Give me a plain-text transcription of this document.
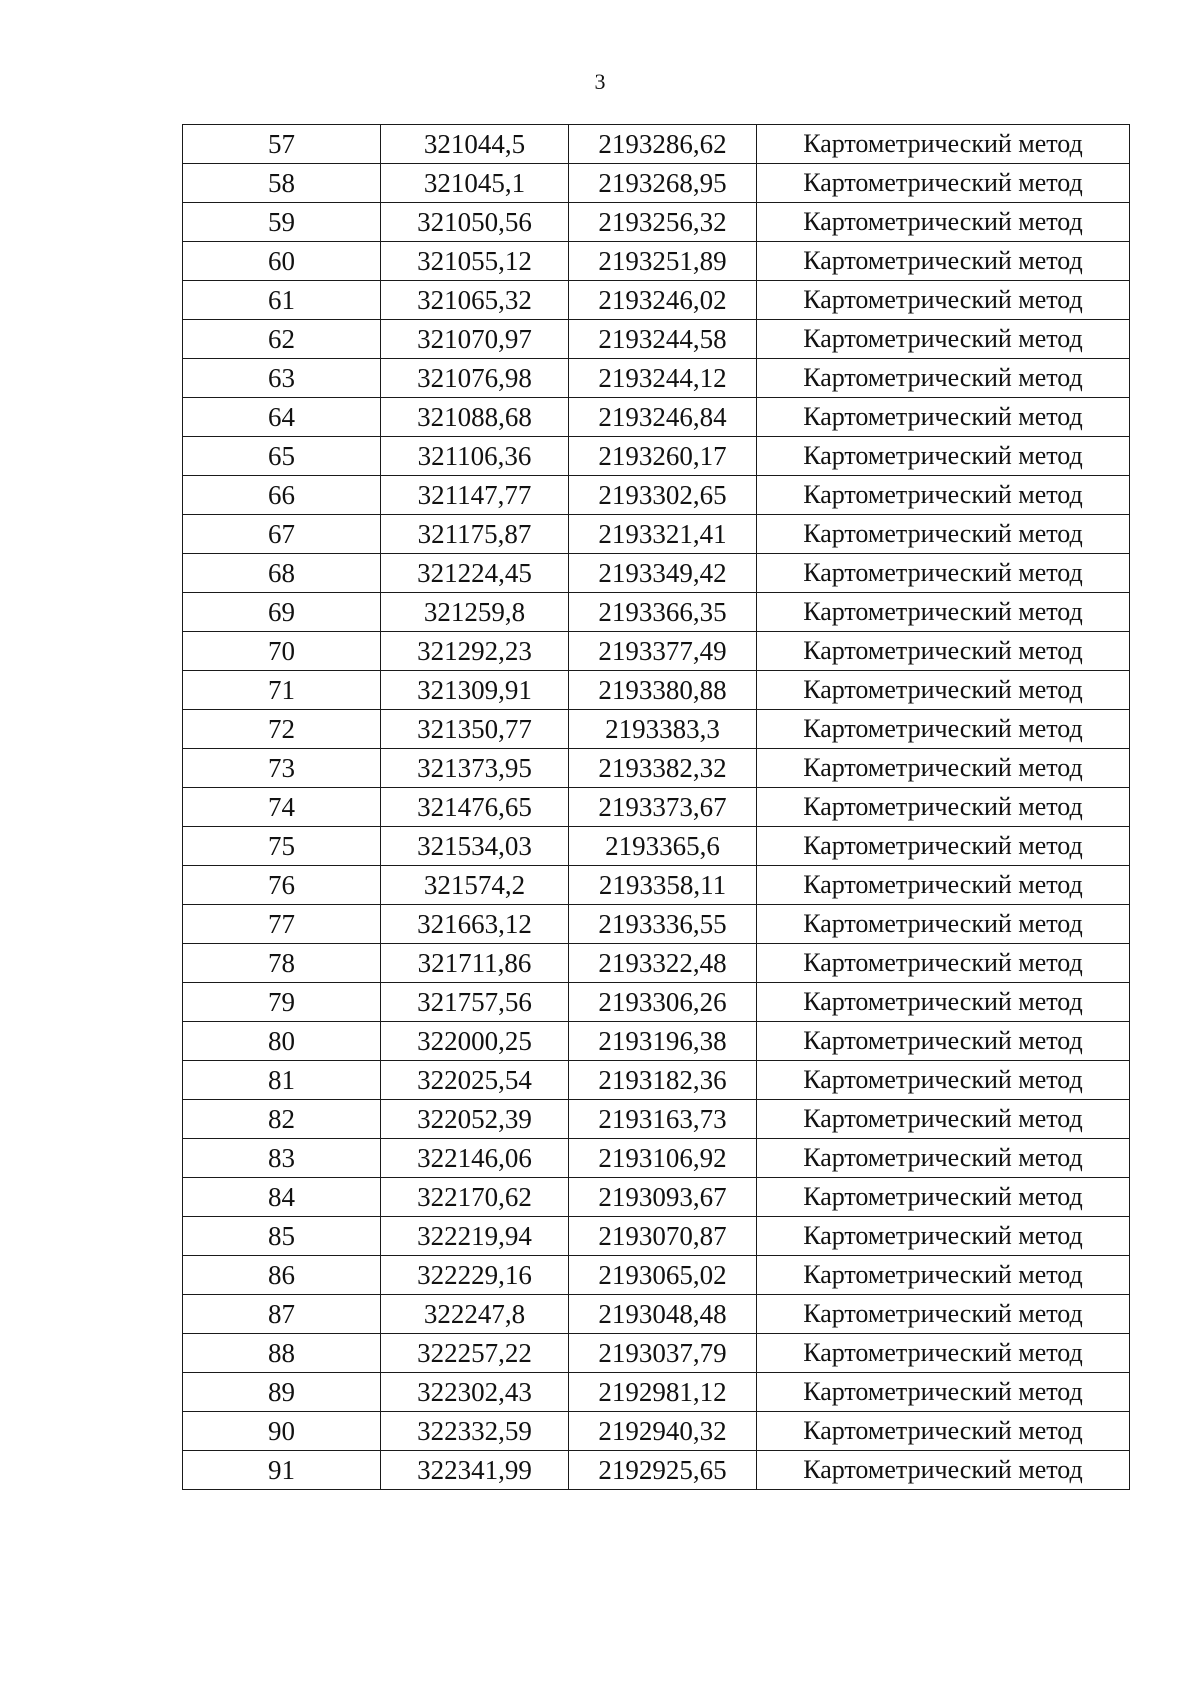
3
57	321044,5	2193286,62	Картометрический метод
58	321045,1	2193268,95	Картометрический метод
59	321050,56	2193256,32	Картометрический метод
60	321055,12	2193251,89	Картометрический метод
61	321065,32	2193246,02	Картометрический метод
62	321070,97	2193244,58	Картометрический метод
63	321076,98	2193244,12	Картометрический метод
64	321088,68	2193246,84	Картометрический метод
65	321106,36	2193260,17	Картометрический метод
66	321147,77	2193302,65	Картометрический метод
67	321175,87	2193321,41	Картометрический метод
68	321224,45	2193349,42	Картометрический метод
69	321259,8	2193366,35	Картометрический метод
70	321292,23	2193377,49	Картометрический метод
71	321309,91	2193380,88	Картометрический метод
72	321350,77	2193383,3	Картометрический метод
73	321373,95	2193382,32	Картометрический метод
74	321476,65	2193373,67	Картометрический метод
75	321534,03	2193365,6	Картометрический метод
76	321574,2	2193358,11	Картометрический метод
77	321663,12	2193336,55	Картометрический метод
78	321711,86	2193322,48	Картометрический метод
79	321757,56	2193306,26	Картометрический метод
80	322000,25	2193196,38	Картометрический метод
81	322025,54	2193182,36	Картометрический метод
82	322052,39	2193163,73	Картометрический метод
83	322146,06	2193106,92	Картометрический метод
84	322170,62	2193093,67	Картометрический метод
85	322219,94	2193070,87	Картометрический метод
86	322229,16	2193065,02	Картометрический метод
87	322247,8	2193048,48	Картометрический метод
88	322257,22	2193037,79	Картометрический метод
89	322302,43	2192981,12	Картометрический метод
90	322332,59	2192940,32	Картометрический метод
91	322341,99	2192925,65	Картометрический метод
